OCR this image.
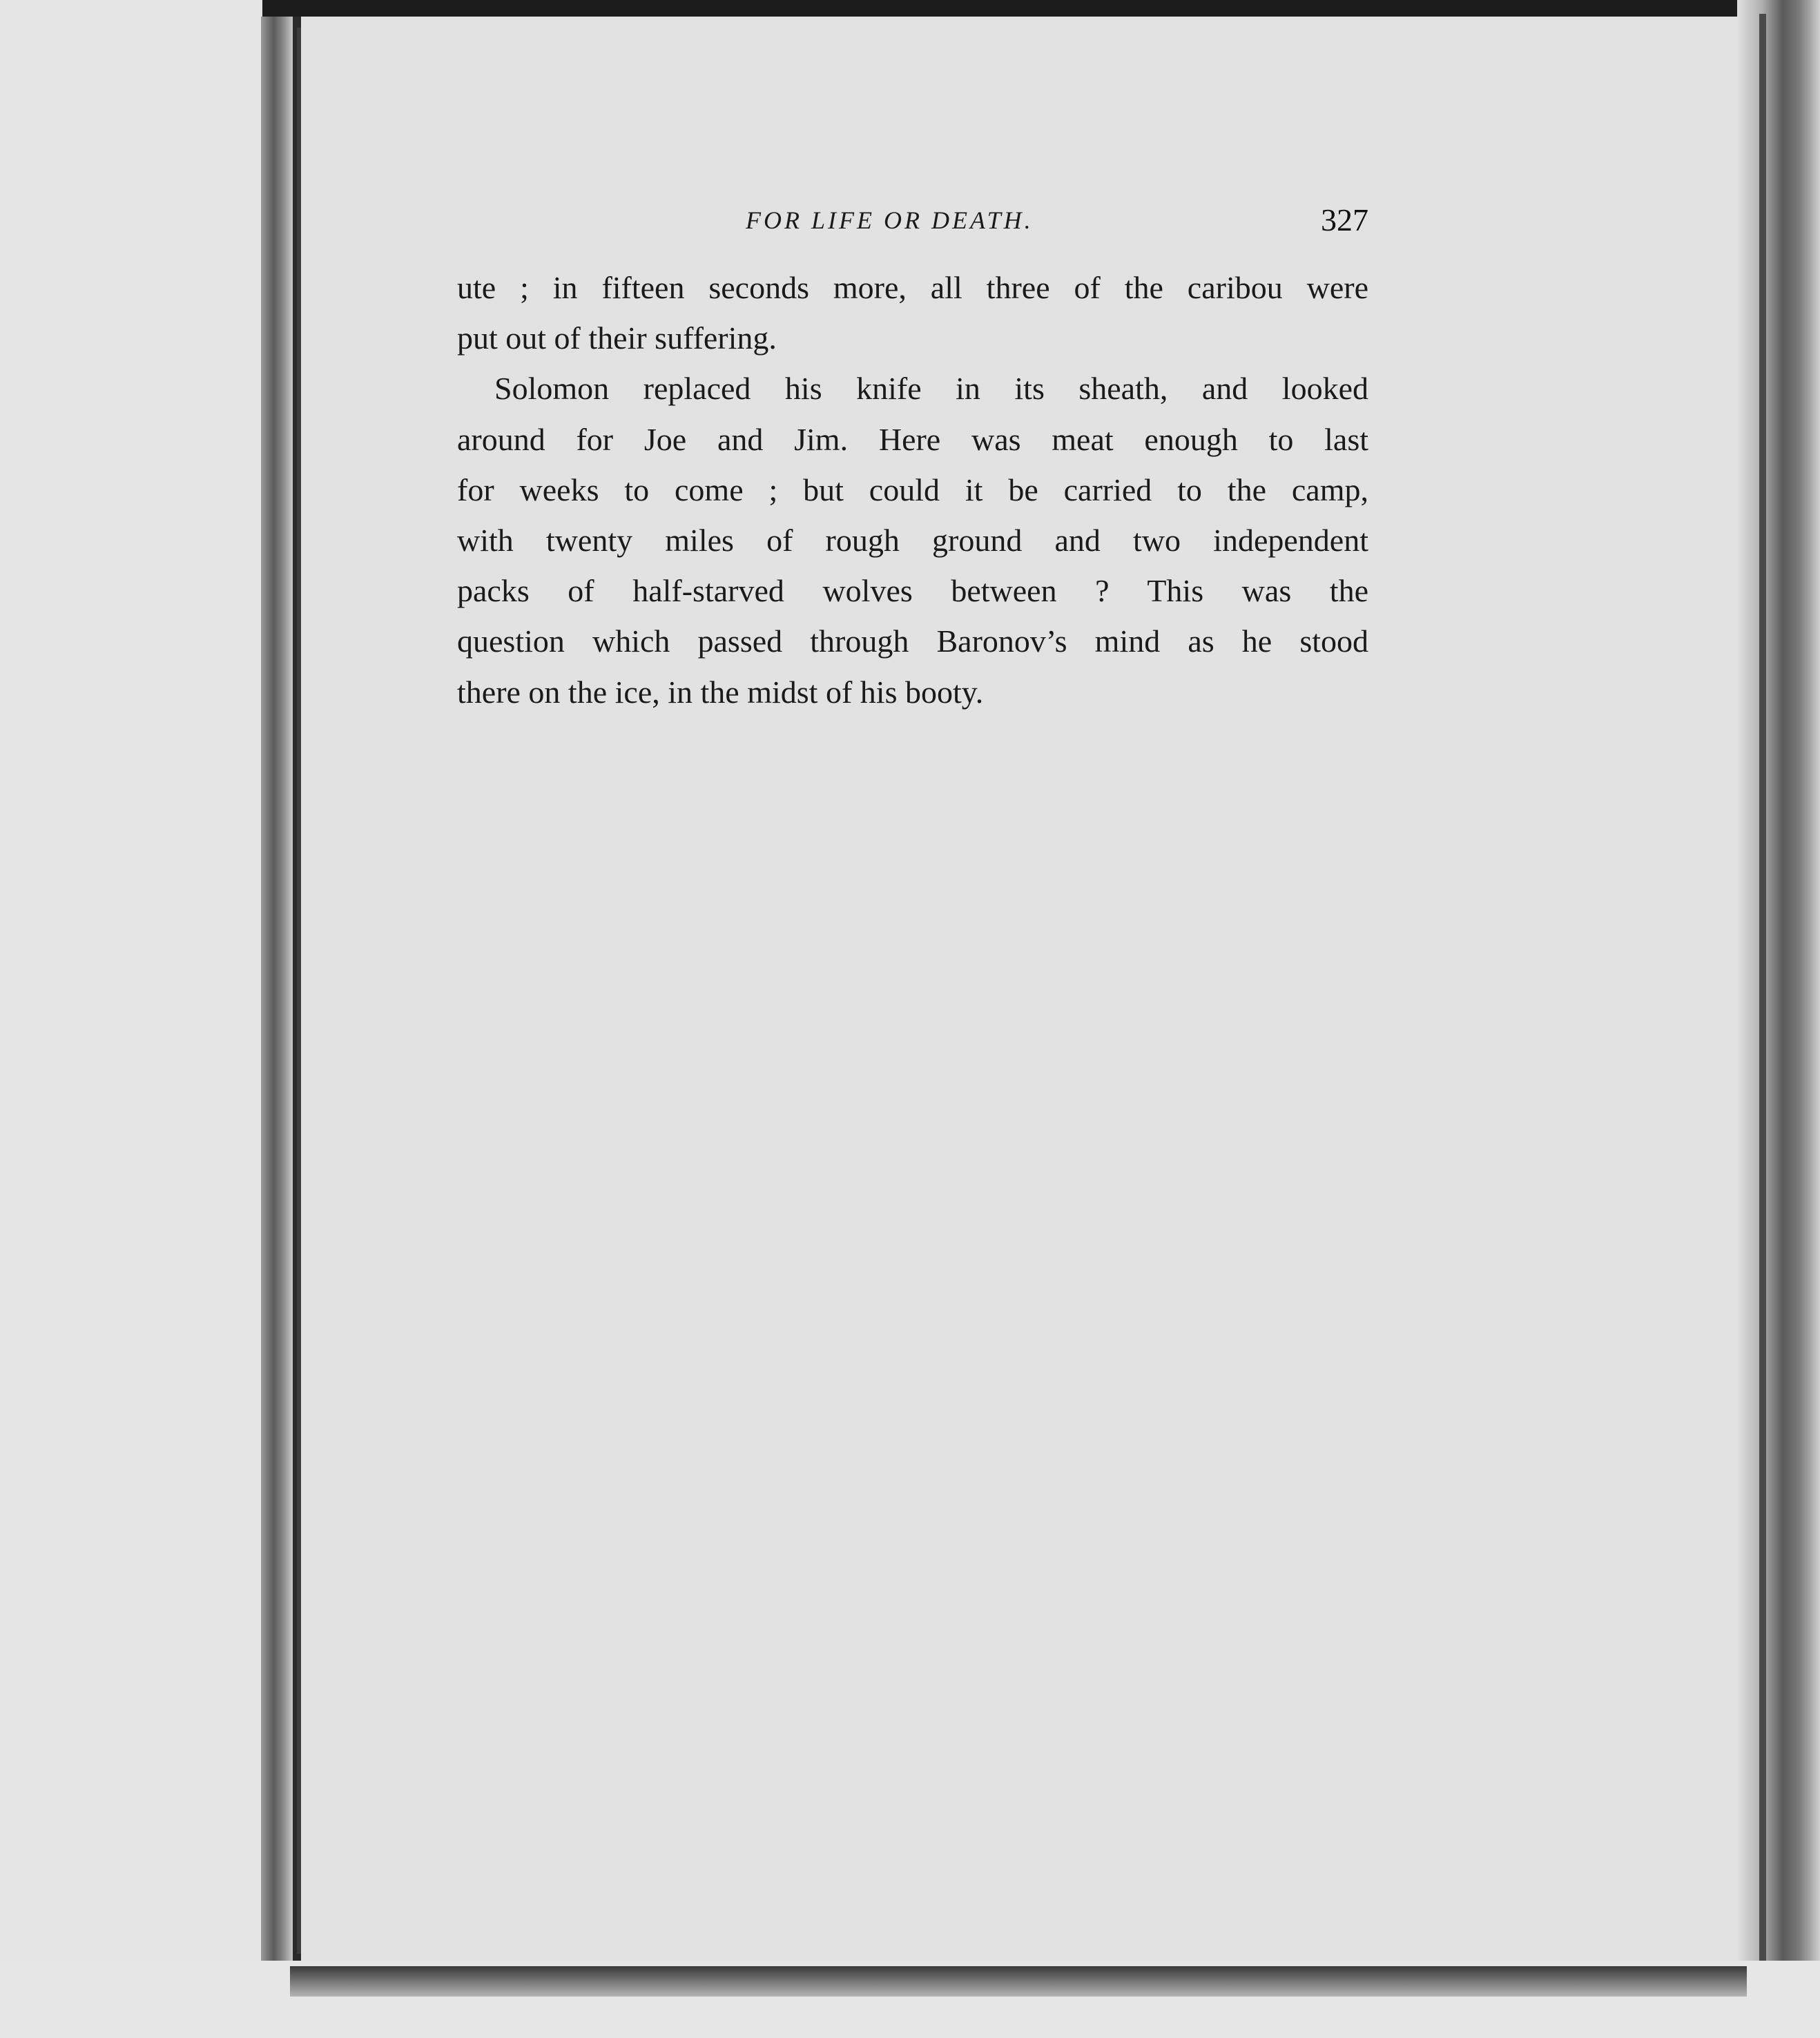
FOR LIFE OR DEATH.	327

ute ; in fifteen seconds more, all three of the caribou were

put out of their suffering.

Solomon replaced his knife in its sheath, and looked

around for Joe and Jim. Here was meat enough to last

for weeks to come ; but could it be carried to the camp,

with twenty miles of rough ground and two independent

packs of half-starved wolves between ? This was the

question which passed through Baronov’s mind as he stood

there on the ice, in the midst of his booty.
